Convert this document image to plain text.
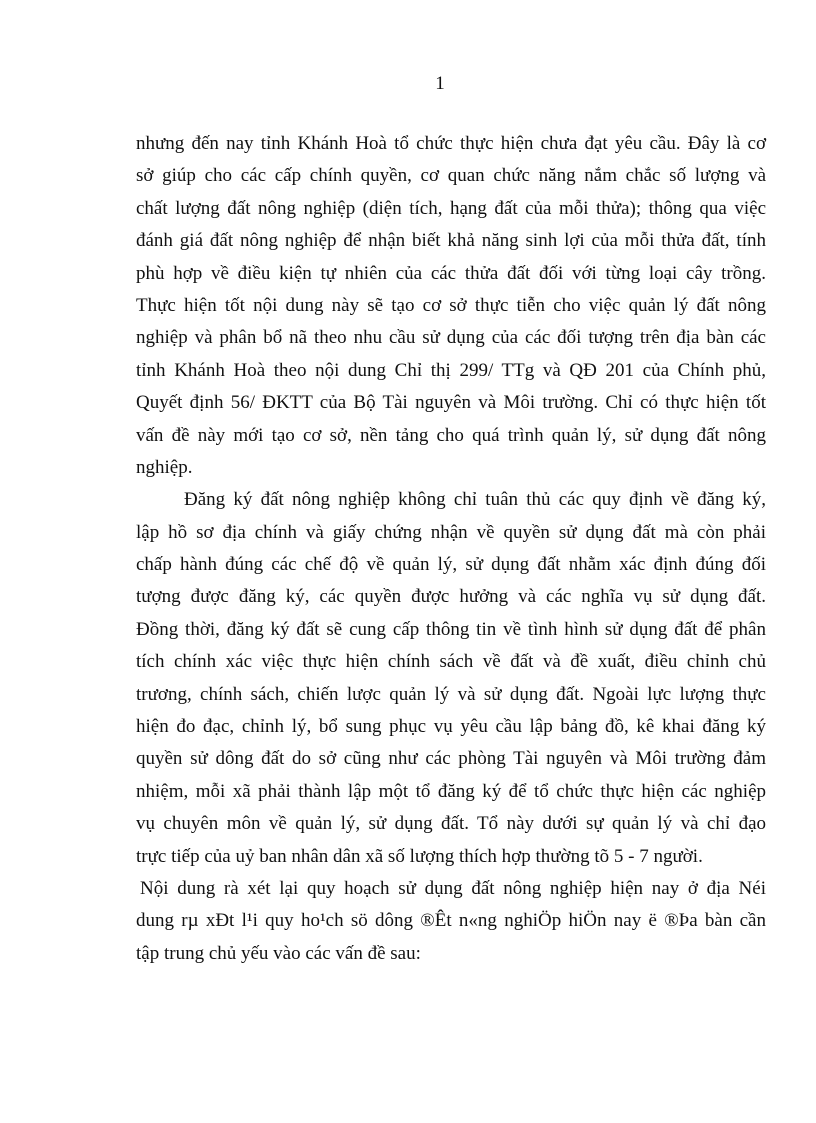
1
nhưng đến nay tỉnh Khánh Hoà tổ chức thực hiện chưa đạt yêu cầu. Đây là cơ
sở giúp cho các cấp chính quyền, cơ quan chức năng nắm chắc số lượng và
chất lượng đất nông nghiệp (diện tích, hạng đất của mỗi thửa); thông qua việc
đánh giá đất nông nghiệp để nhận biết khả năng sinh lợi của mỗi thửa đất, tính
phù hợp về điều kiện tự nhiên của các thửa đất đối với từng loại cây trồng.
Thực hiện tốt nội dung này sẽ tạo cơ sở thực tiễn cho việc quản lý đất nông
nghiệp và phân bổ nã theo nhu cầu sử dụng của các đối tượng trên địa bàn các
tỉnh Khánh Hoà theo nội dung Chỉ thị 299/ TTg và QĐ 201 của Chính phủ,
Quyết định 56/ ĐKTT của Bộ Tài nguyên và Môi trường. Chỉ có thực hiện tốt
vấn đề này mới tạo cơ sở, nền tảng cho quá trình quản lý, sử dụng đất nông
nghiệp.
Đăng ký đất nông nghiệp không chỉ tuân thủ các quy định về đăng ký,
lập hồ sơ địa chính và giấy chứng nhận về quyền sử dụng đất mà còn phải
chấp hành đúng các chế độ về quản lý, sử dụng đất nhằm xác định đúng đối
tượng được đăng ký, các quyền được hưởng và các nghĩa vụ sử dụng đất.
Đồng thời, đăng ký đất sẽ cung cấp thông tin về tình hình sử dụng đất để phân
tích chính xác việc thực hiện chính sách về đất và đề xuất, điều chỉnh chủ
trương, chính sách, chiến lược quản lý và sử dụng đất. Ngoài lực lượng thực
hiện đo đạc, chỉnh lý, bổ sung phục vụ yêu cầu lập bảng đồ, kê khai đăng ký
quyền sử dông đất do sở cũng như các phòng Tài nguyên và Môi trường đảm
nhiệm, mỗi xã phải thành lập một tổ đăng ký để tổ chức thực hiện các nghiệp
vụ chuyên môn về quản lý, sử dụng đất. Tổ này dưới sự quản lý và chỉ đạo
trực tiếp của uỷ ban nhân dân xã số lượng thích hợp thường tõ 5 - 7 người.
Nội dung rà xét lại quy hoạch sử dụng đất nông nghiệp hiện nay ở địa Néi
dung rµ xÐt l¹i quy ho¹ch sö dông ®Êt n«ng nghiÖp hiÖn nay ë ®Þa bàn cần
tập trung chủ yếu vào các vấn đề sau:
